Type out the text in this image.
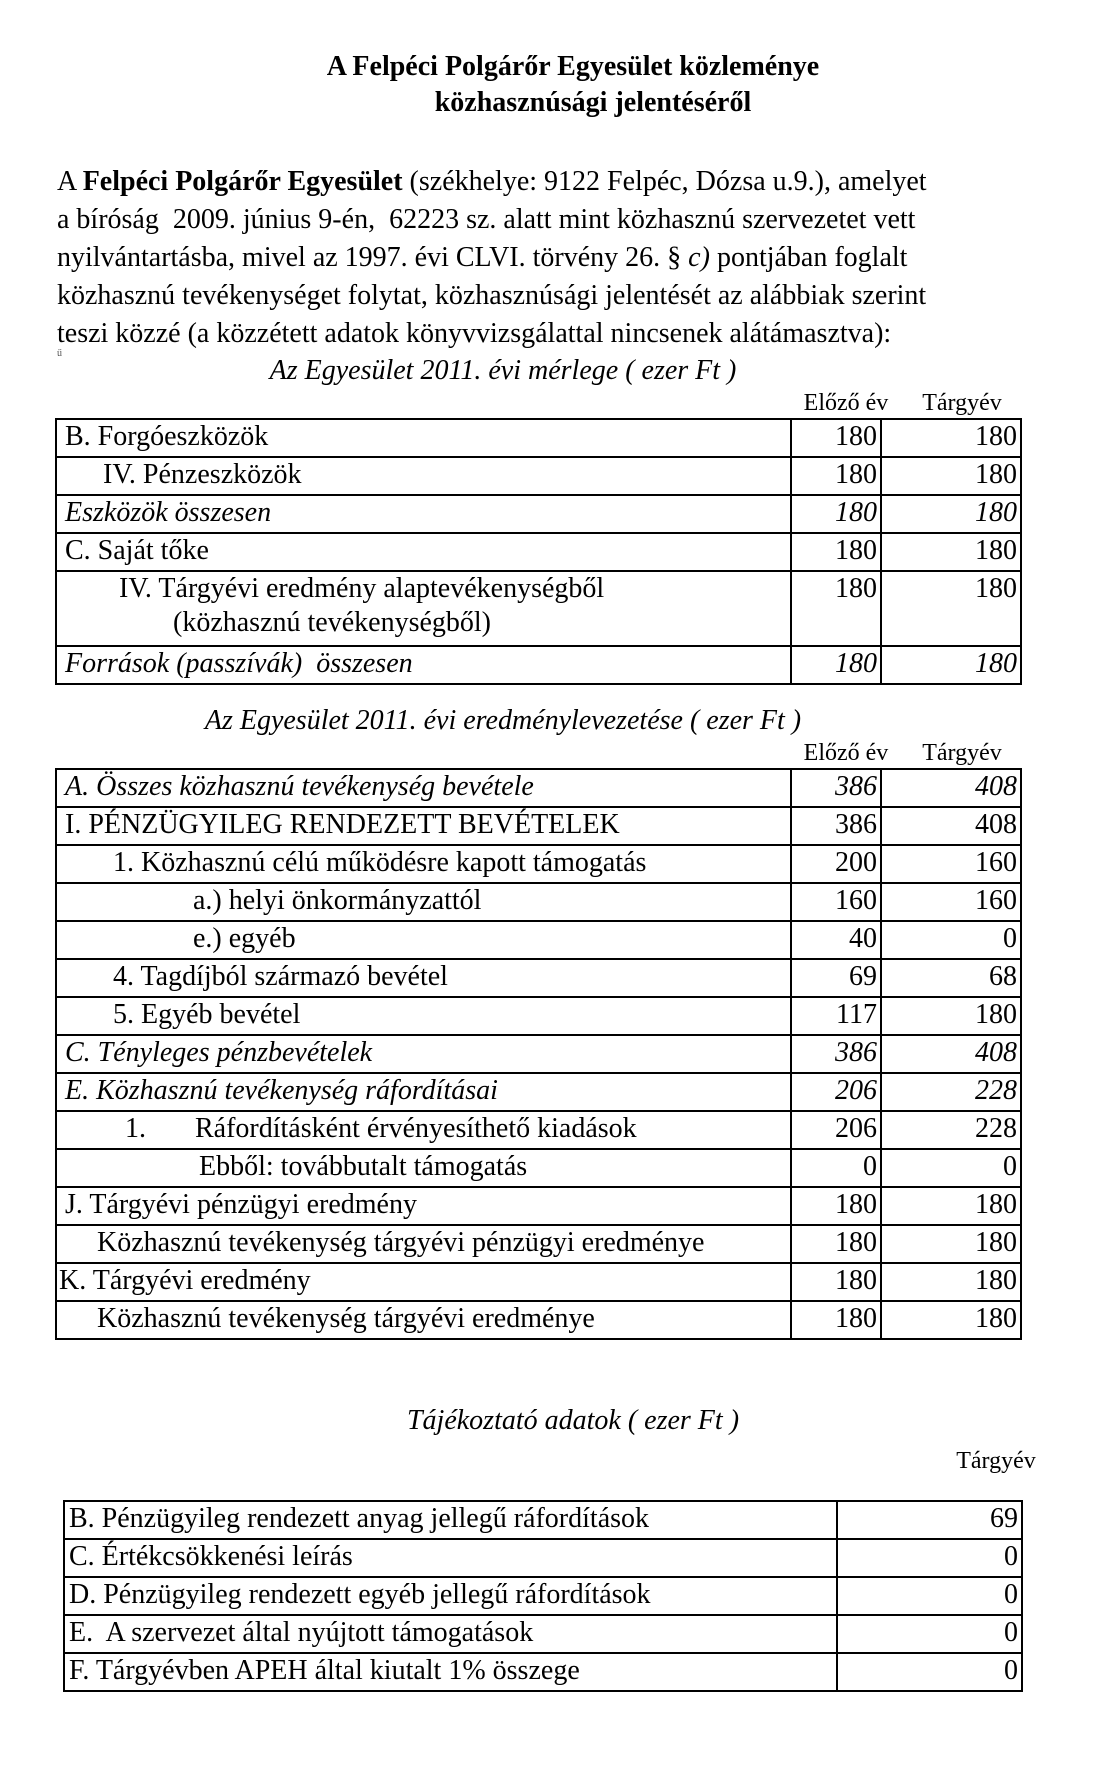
A Felpéci Polgárőr Egyesület közleménye
közhasznúsági jelentéséről
A Felpéci Polgárőr Egyesület (székhelye: 9122 Felpéc, Dózsa u.9.), amelyet
a bíróság  2009. június 9-én,  62223 sz. alatt mint közhasznú szervezetet vett
nyilvántartásba, mivel az 1997. évi CLVI. törvény 26. § c) pontjában foglalt
közhasznú tevékenységet folytat, közhasznúsági jelentését az alábbiak szerint
teszi közzé (a közzétett adatok könyvvizsgálattal nincsenek alátámasztva):
ű
Az Egyesület 2011. évi mérlege ( ezer Ft )
Előző év	Tárgyév
B. Forgóeszközök	180	180
IV. Pénzeszközök	180	180
Eszközök összesen	180	180
C. Saját tőke	180	180

IV. Tárgyévi eredmény alaptevékenységből
(közhasznú tevékenységből)	180	180
Források (passzívák)  összesen	180	180
Az Egyesület 2011. évi eredménylevezetése ( ezer Ft )
Előző év	Tárgyév
A. Összes közhasznú tevékenység bevétele	386	408
I. PÉNZÜGYILEG RENDEZETT BEVÉTELEK	386	408
1. Közhasznú célú működésre kapott támogatás	200	160
a.) helyi önkormányzattól	160	160
e.) egyéb	40	0
4. Tagdíjból származó bevétel	69	68
5. Egyéb bevétel	117	180
C. Tényleges pénzbevételek	386	408
E. Közhasznú tevékenység ráfordításai	206	228
1.       Ráfordításként érvényesíthető kiadások	206	228
Ebből: továbbutalt támogatás	0	0
J. Tárgyévi pénzügyi eredmény	180	180
Közhasznú tevékenység tárgyévi pénzügyi eredménye	180	180
K. Tárgyévi eredmény	180	180
Közhasznú tevékenység tárgyévi eredménye	180	180
Tájékoztató adatok ( ezer Ft )
Tárgyév
B. Pénzügyileg rendezett anyag jellegű ráfordítások	69
C. Értékcsökkenési leírás	0
D. Pénzügyileg rendezett egyéb jellegű ráfordítások	0
E.  A szervezet által nyújtott támogatások	0
F. Tárgyévben APEH által kiutalt 1% összege	0
